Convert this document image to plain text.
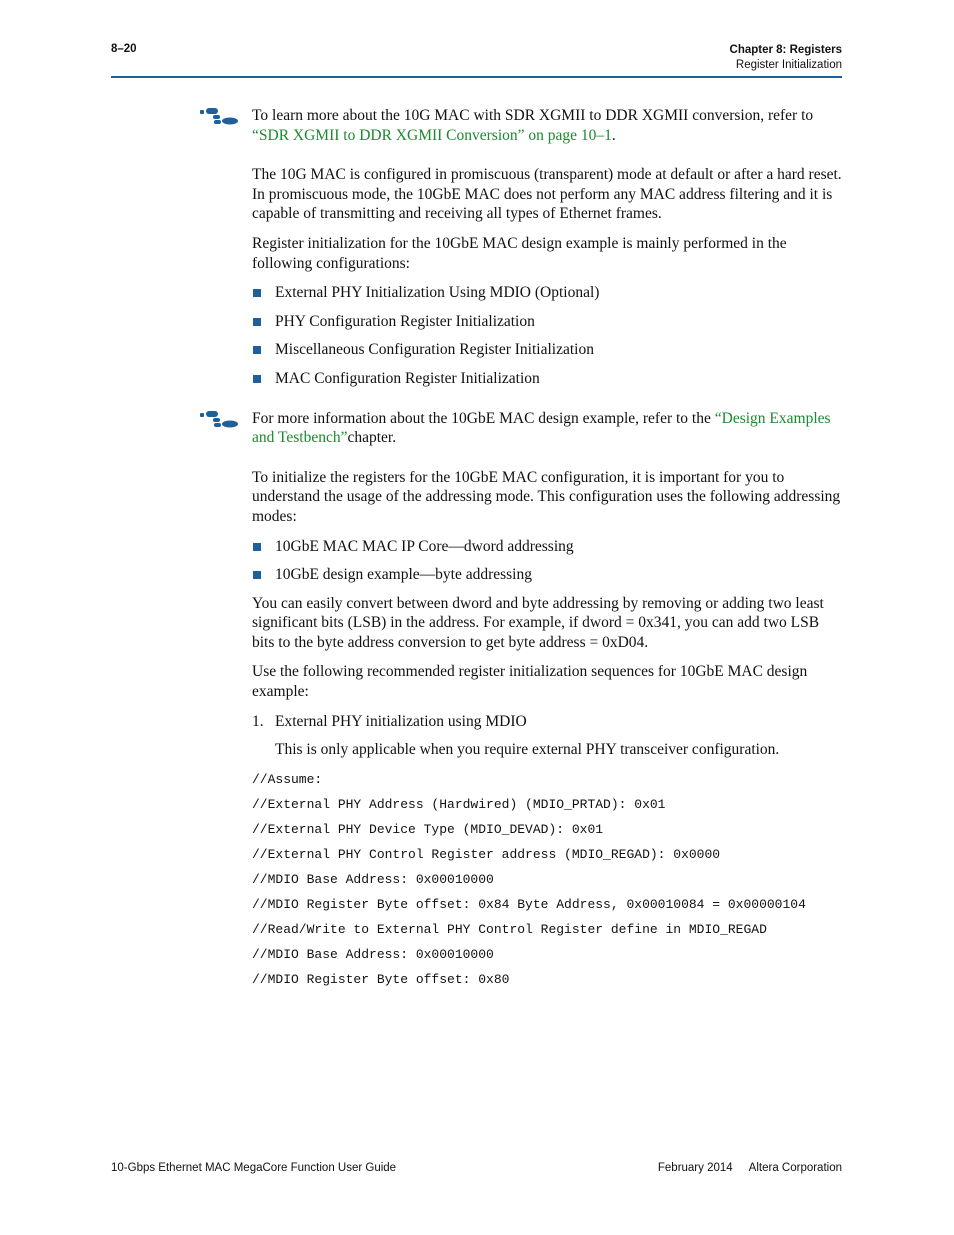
8–20	Chapter 8: Registers
Register Initialization
To learn more about the 10G MAC with SDR XGMII to DDR XGMII conversion, refer to “SDR XGMII to DDR XGMII Conversion” on page 10–1.

The 10G MAC is configured in promiscuous (transparent) mode at default or after a hard reset. In promiscuous mode, the 10GbE MAC does not perform any MAC address filtering and it is capable of transmitting and receiving all types of Ethernet frames.

Register initialization for the 10GbE MAC design example is mainly performed in the following configurations:

External PHY Initialization Using MDIO (Optional)
PHY Configuration Register Initialization
Miscellaneous Configuration Register Initialization
MAC Configuration Register Initialization
For more information about the 10GbE MAC design example, refer to the “Design Examples and Testbench”chapter.

To initialize the registers for the 10GbE MAC configuration, it is important for you to understand the usage of the addressing mode. This configuration uses the following addressing modes:

10GbE MAC MAC IP Core—dword addressing
10GbE design example—byte addressing

You can easily convert between dword and byte addressing by removing or adding two least significant bits (LSB) in the address. For example, if dword = 0x341, you can add two LSB bits to the byte address conversion to get byte address = 0xD04.

Use the following recommended register initialization sequences for 10GbE MAC design example:

1. External PHY initialization using MDIO
This is only applicable when you require external PHY transceiver configuration.
//Assume:
//External PHY Address (Hardwired) (MDIO_PRTAD): 0x01
//External PHY Device Type (MDIO_DEVAD): 0x01
//External PHY Control Register address (MDIO_REGAD): 0x0000
//MDIO Base Address: 0x00010000
//MDIO Register Byte offset: 0x84 Byte Address, 0x00010084 = 0x00000104
//Read/Write to External PHY Control Register define in MDIO_REGAD
//MDIO Base Address: 0x00010000
//MDIO Register Byte offset: 0x80
10-Gbps Ethernet MAC MegaCore Function User Guide	February 2014 Altera Corporation
